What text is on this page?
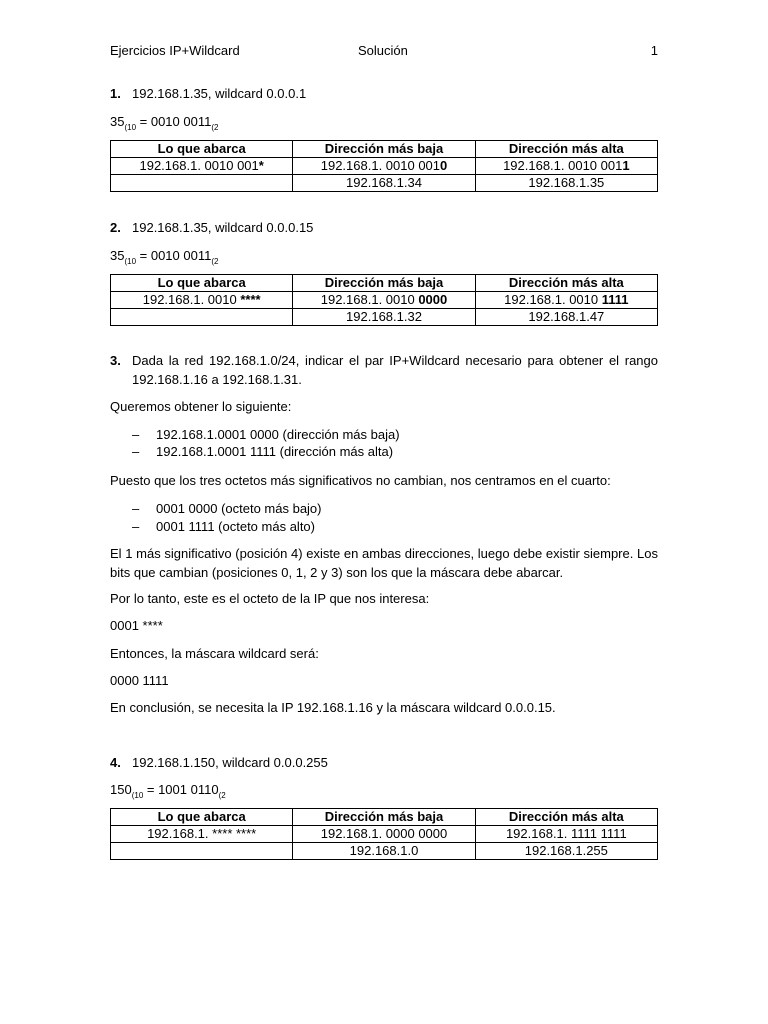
Ejercicios IP+Wildcard	Solución	1
1. 192.168.1.35, wildcard 0.0.0.1
$35_{(10} = 0010$ $0011_{(2}$
Lo que abarca	Dirección más baja	Dirección más alta
192.168.1. 0010 001*	192.168.1. 0010 0010	192.168.1. 0010 0011
	192.168.1.34	192.168.1.35
2. 192.168.1.35, wildcard 0.0.0.15
$35_{(10} = 0010$ $0011_{(2}$
Lo que abarca	Dirección más baja	Dirección más alta
192.168.1. 0010 ****	192.168.1. 0010 0000	192.168.1. 0010 1111
	192.168.1.32	192.168.1.47
3. Dada la red 192.168.1.0/24, indicar el par IP+Wildcard necesario para obtener el rango 192.168.1.16 a 192.168.1.31.
Queremos obtener lo siguiente:
– 192.168.1.0001 0000 (dirección más baja)
– 192.168.1.0001 1111 (dirección más alta)
Puesto que los tres octetos más significativos no cambian, nos centramos en el cuarto:
– 0001 0000 (octeto más bajo)
– 0001 1111 (octeto más alto)
El 1 más significativo (posición 4) existe en ambas direcciones, luego debe existir siempre. Los bits que cambian (posiciones 0, 1, 2 y 3) son los que la máscara debe abarcar.
Por lo tanto, este es el octeto de la IP que nos interesa:
0001 ****
Entonces, la máscara wildcard será:
0000 1111
En conclusión, se necesita la IP 192.168.1.16 y la máscara wildcard 0.0.0.15.
4. 192.168.1.150, wildcard 0.0.0.255
$150_{(10} = 1001$ $0110_{(2}$
Lo que abarca	Dirección más baja	Dirección más alta
192.168.1. **** ****	192.168.1. 0000 0000	192.168.1. 1111 1111
	192.168.1.0	192.168.1.255
